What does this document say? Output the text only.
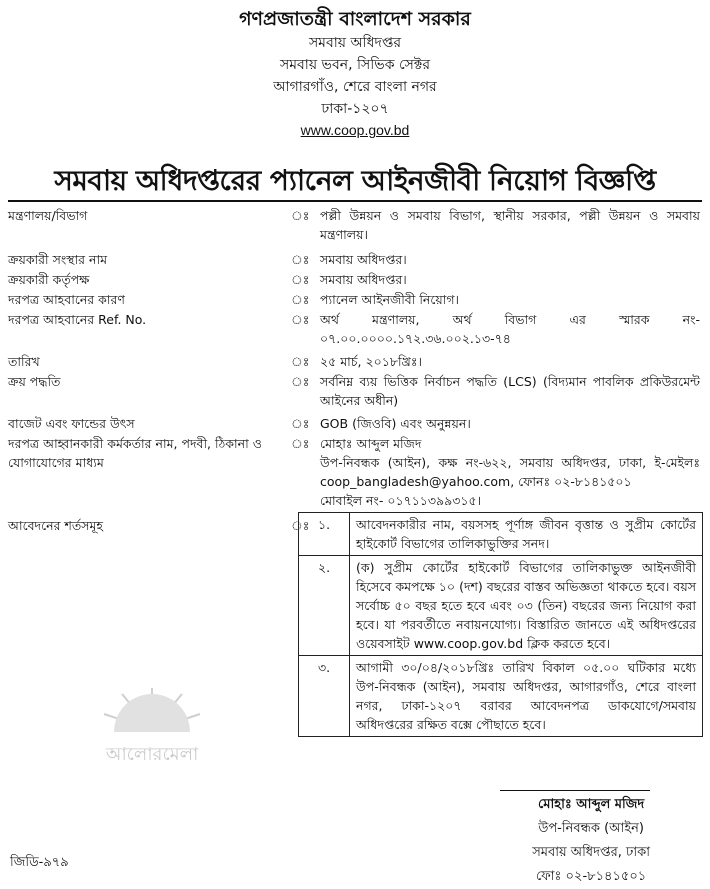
গণপ্রজাতন্ত্রী বাংলাদেশ সরকার
সমবায় অধিদপ্তর
সমবায় ভবন, সিভিক সেক্টর
আগারগাঁও, শেরে বাংলা নগর
ঢাকা-১২০৭
www.coop.gov.bd
সমবায় অধিদপ্তরের প্যানেল আইনজীবী নিয়োগ বিজ্ঞপ্তি
মন্ত্রণালয়/বিভাগ	ঃ পল্লী উন্নয়ন ও সমবায় বিভাগ, স্থানীয় সরকার, পল্লী উন্নয়ন ও সমবায় মন্ত্রণালয়।
ক্রয়কারী সংস্থার নাম	ঃ সমবায় অধিদপ্তর।
ক্রয়কারী কর্তৃপক্ষ	ঃ সমবায় অধিদপ্তর।
দরপত্র আহবানের কারণ	ঃ প্যানেল আইনজীবী নিয়োগ।
দরপত্র আহবানের Ref. No.	ঃ অর্থ মন্ত্রণালয়, অর্থ বিভাগ এর স্মারক নং- ০৭.০০.০০০০.১৭২.৩৬.০০২.১৩-৭৪
তারিখ	ঃ ২৫ মার্চ, ২০১৮খ্রিঃ।
ক্রয় পদ্ধতি	ঃ সর্বনিম্ন ব্যয় ভিত্তিক নির্বাচন পদ্ধতি (LCS) (বিদ্যমান পাবলিক প্রকিউরমেন্ট আইনের অধীন)
বাজেট এবং ফান্ডের উৎস	ঃ GOB (জিওবি) এবং অনুন্নয়ন।
দরপত্র আহ্বানকারী কর্মকর্তার নাম, পদবী, ঠিকানা ও যোগাযোগের মাধ্যম
ঃ মোহাঃ আব্দুল মজিদ
উপ-নিবন্ধক (আইন), কক্ষ নং-৬২২, সমবায় অধিদপ্তর, ঢাকা, ই-মেইলঃ coop_bangladesh@yahoo.com, ফোনঃ ০২-৮১৪১৫০১
মোবাইল নং- ০১৭১১৩৯৯৩১৫।
আবেদনের শর্তসমূহ	ঃ ১.	আবেদনকারীর নাম, বয়সসহ পূর্ণাঙ্গ জীবন বৃত্তান্ত ও সুপ্রীম কোর্টের হাইকোর্ট বিভাগের তালিকাভুক্তির সনদ।
২.	(ক) সুপ্রীম কোর্টের হাইকোর্ট বিভাগের তালিকাভুক্ত আইনজীবী হিসেবে কমপক্ষে ১০ (দশ) বছরের বাস্তব অভিজ্ঞতা থাকতে হবে। বয়স সর্বোচ্চ ৫০ বছর হতে হবে এবং ০৩ (তিন) বছরের জন্য নিয়োগ করা হবে। যা পরবর্তীতে নবায়নযোগ্য। বিস্তারিত জানতে এই অধিদপ্তরের ওয়েবসাইট www.coop.gov.bd ক্লিক করতে হবে।
৩.	আগামী ৩০/০৪/২০১৮খ্রিঃ তারিখ বিকাল ০৫.০০ ঘটিকার মধ্যে উপ-নিবন্ধক (আইন), সমবায় অধিদপ্তর, আগারগাঁও, শেরে বাংলা নগর, ঢাকা-১২০৭ বরাবর আবেদনপত্র ডাকযোগে/সমবায় অধিদপ্তরের রক্ষিত বক্সে পৌছাতে হবে।
আলোরমেলা
মোহাঃ আব্দুল মজিদ
উপ-নিবন্ধক (আইন)
সমবায় অধিদপ্তর, ঢাকা
ফোঃ ০২-৮১৪১৫০১
জিডি-৯৭৯
